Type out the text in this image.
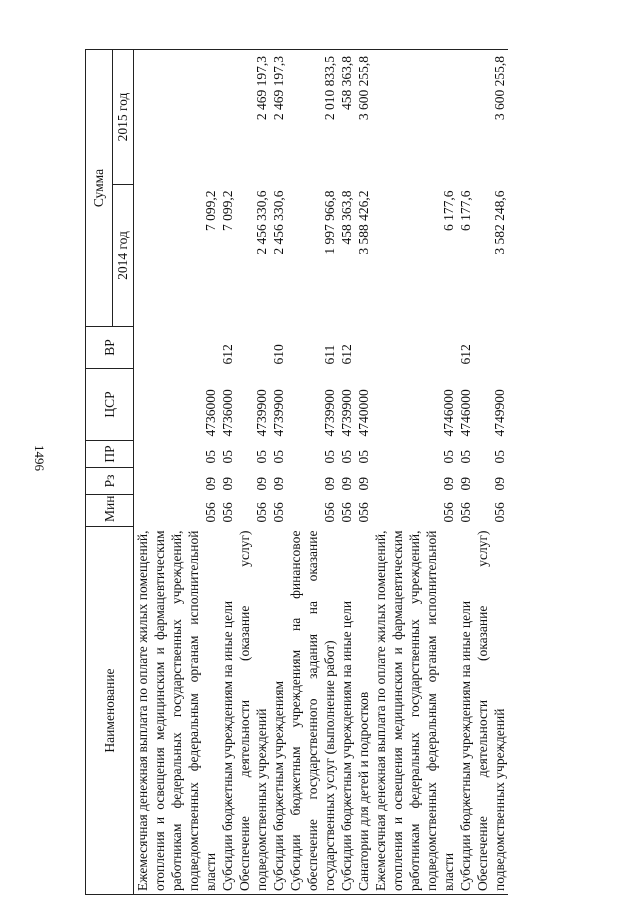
1496
Наименование	Мин	Рз	ПР	ЦСР	ВР	Сумма	
						2014 год	2015 год
Ежемесячная денежная выплата по оплате жилых помещений, отопления и освещения медицинским и фармацевтическим работникам федеральных государственных учреждений, подведомственных федеральным органам исполнительной власти	056	09	05	4736000		7 099,2	
Субсидии бюджетным учреждениям на иные цели	056	09	05	4736000	612	7 099,2	
Обеспечение деятельности (оказание услуг) подведомственных учреждений	056	09	05	4739900		2 456 330,6	2 469 197,3
Субсидии бюджетным учреждениям	056	09	05	4739900	610	2 456 330,6	2 469 197,3
Субсидии бюджетным учреждениям на финансовое обеспечение государственного задания на оказание государственных услуг (выполнение работ)	056	09	05	4739900	611	1 997 966,8	2 010 833,5
Субсидии бюджетным учреждениям на иные цели	056	09	05	4739900	612	458 363,8	458 363,8
Санатории для детей и подростков	056	09	05	4740000		3 588 426,2	3 600 255,8
Ежемесячная денежная выплата по оплате жилых помещений, отопления и освещения медицинским и фармацевтическим работникам федеральных государственных учреждений, подведомственных федеральным органам исполнительной власти	056	09	05	4746000		6 177,6	
Субсидии бюджетным учреждениям на иные цели	056	09	05	4746000	612	6 177,6	
Обеспечение деятельности (оказание услуг) подведомственных учреждений	056	09	05	4749900		3 582 248,6	3 600 255,8
